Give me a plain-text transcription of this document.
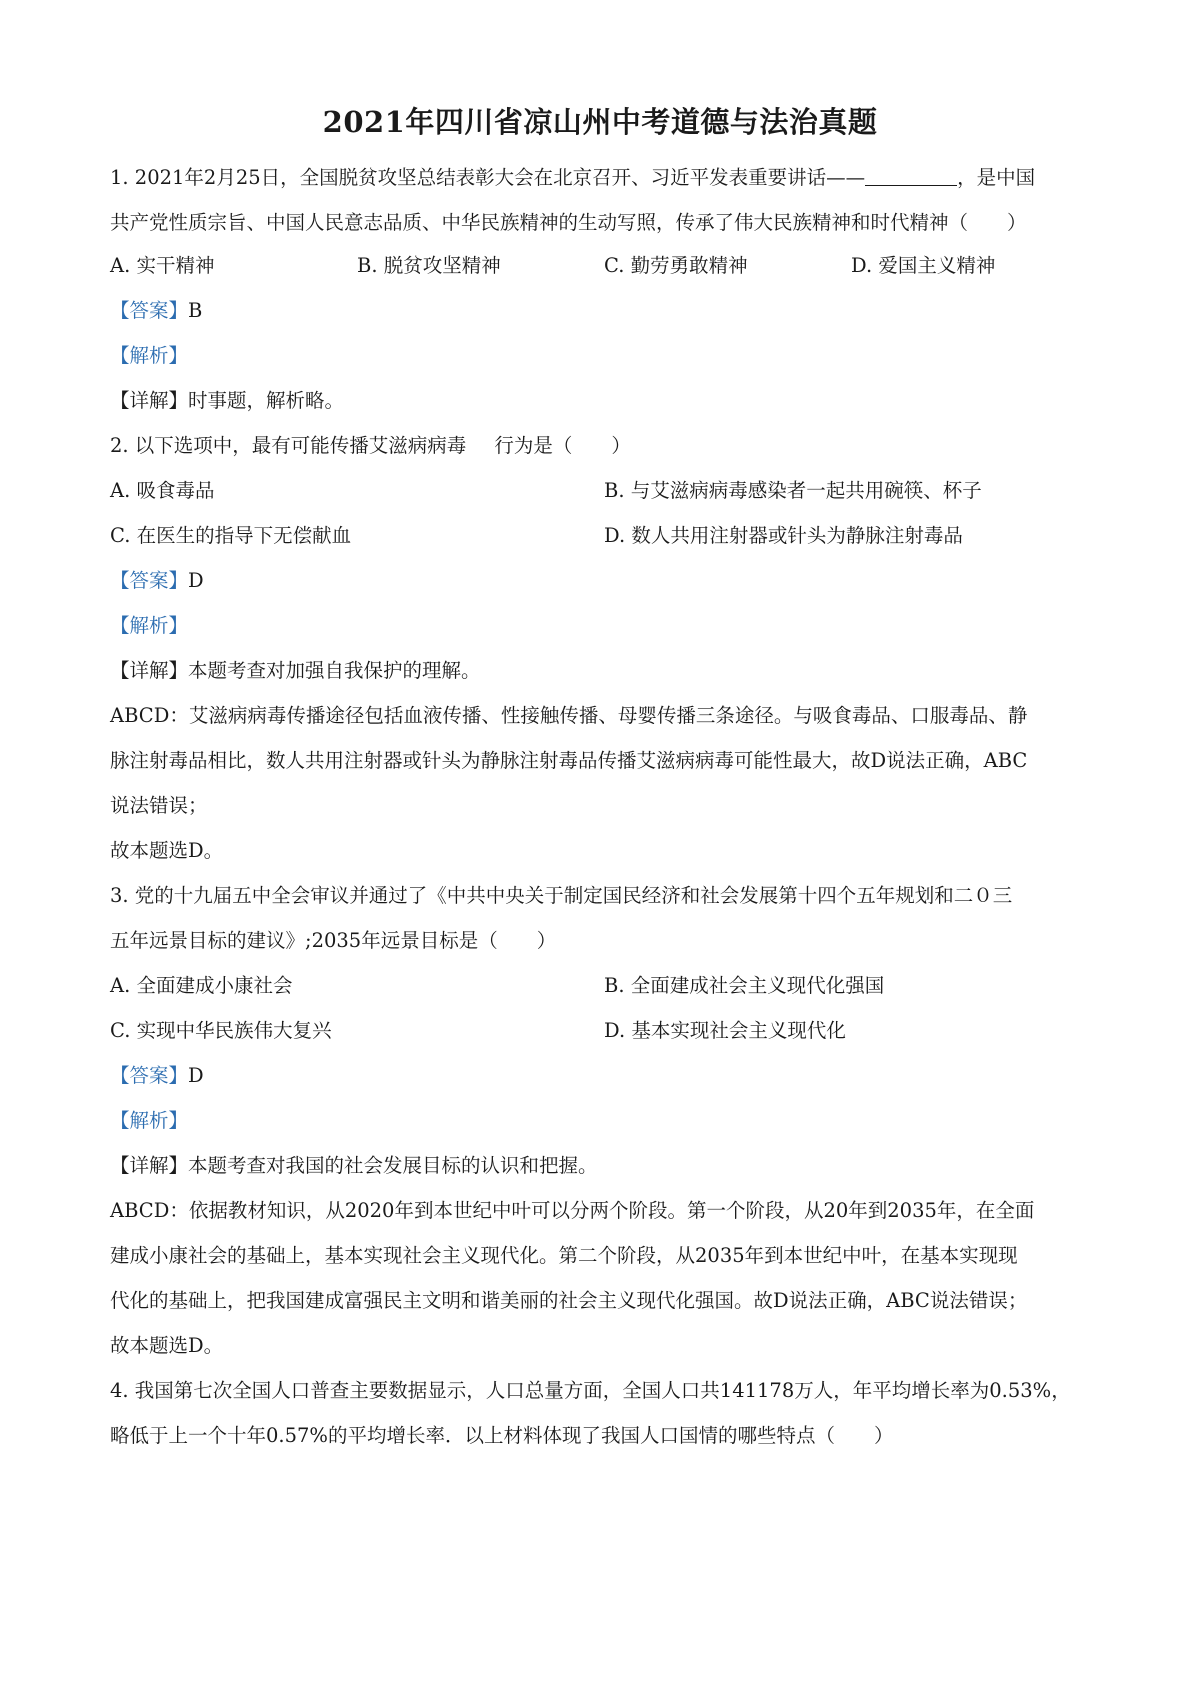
2021年四川省凉山州中考道德与法治真题
1. 2021年2月25日，全国脱贫攻坚总结表彰大会在北京召开、习近平发表重要讲话——	，是中国
共产党性质宗旨、中国人民意志品质、中华民族精神的生动写照，传承了伟大民族精神和时代精神（　　）
A. 实干精神	B. 脱贫攻坚精神	C. 勤劳勇敢精神	D. 爱国主义精神
【答案】B
【解析】
【详解】时事题，解析略。
2. 以下选项中，最有可能传播艾滋病病毒 行为是（　　）
A. 吸食毒品	B. 与艾滋病病毒感染者一起共用碗筷、杯子
C. 在医生的指导下无偿献血	D. 数人共用注射器或针头为静脉注射毒品
【答案】D
【解析】
【详解】本题考查对加强自我保护的理解。
ABCD：艾滋病病毒传播途径包括血液传播、性接触传播、母婴传播三条途径。与吸食毒品、口服毒品、静
脉注射毒品相比，数人共用注射器或针头为静脉注射毒品传播艾滋病病毒可能性最大，故D说法正确，ABC
说法错误；
故本题选D。
3. 党的十九届五中全会审议并通过了《中共中央关于制定国民经济和社会发展第十四个五年规划和二０三
五年远景目标的建议》;2035年远景目标是（　　）
A. 全面建成小康社会	B. 全面建成社会主义现代化强国
C. 实现中华民族伟大复兴	D. 基本实现社会主义现代化
【答案】D
【解析】
【详解】本题考查对我国的社会发展目标的认识和把握。
ABCD：依据教材知识，从2020年到本世纪中叶可以分两个阶段。第一个阶段，从20年到2035年，在全面
建成小康社会的基础上，基本实现社会主义现代化。第二个阶段，从2035年到本世纪中叶，在基本实现现
代化的基础上，把我国建成富强民主文明和谐美丽的社会主义现代化强国。故D说法正确，ABC说法错误；
故本题选D。
4. 我国第七次全国人口普查主要数据显示，人口总量方面，全国人口共141178万人，年平均增长率为0.53%，
略低于上一个十年0.57%的平均增长率．以上材料体现了我国人口国情的哪些特点（　　）
